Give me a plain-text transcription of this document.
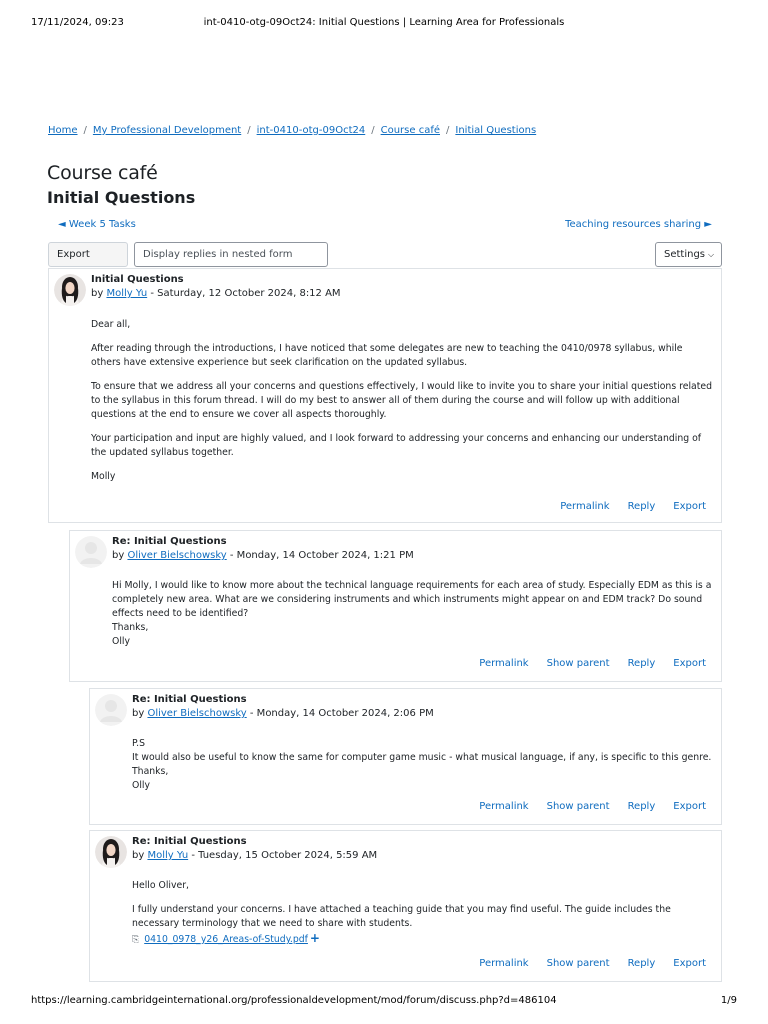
17/11/2024, 09:23	int-0410-otg-09Oct24: Initial Questions | Learning Area for Professionals
Home / My Professional Development / int-0410-otg-09Oct24 / Course café / Initial Questions
Course café
Initial Questions
◄ Week 5 Tasks	Teaching resources sharing ►
Export	Display replies in nested form	Settings ⌵
Initial Questions
by Molly Yu - Saturday, 12 October 2024, 8:12 AM

Dear all,

After reading through the introductions, I have noticed that some delegates are new to teaching the 0410/0978 syllabus, while others have extensive experience but seek clarification on the updated syllabus.

To ensure that we address all your concerns and questions effectively, I would like to invite you to share your initial questions related to the syllabus in this forum thread. I will do my best to answer all of them during the course and will follow up with additional questions at the end to ensure we cover all aspects thoroughly.

Your participation and input are highly valued, and I look forward to addressing your concerns and enhancing our understanding of the updated syllabus together.

Molly

Permalink Reply Export
Re: Initial Questions
by Oliver Bielschowsky - Monday, 14 October 2024, 1:21 PM
Hi Molly, I would like to know more about the technical language requirements for each area of study. Especially EDM as this is a completely new area. What are we considering instruments and which instruments might appear on and EDM track? Do sound effects need to be identified?
Thanks,
Olly
Permalink Show parent Reply Export
Re: Initial Questions
by Oliver Bielschowsky - Monday, 14 October 2024, 2:06 PM
P.S
It would also be useful to know the same for computer game music - what musical language, if any, is specific to this genre.
Thanks,
Olly
Permalink Show parent Reply Export
Re: Initial Questions
by Molly Yu - Tuesday, 15 October 2024, 5:59 AM

Hello Oliver,

I fully understand your concerns. I have attached a teaching guide that you may find useful. The guide includes the necessary terminology that we need to share with students.

⎘ 0410_0978_y26_Areas-of-Study.pdf +
Permalink Show parent Reply Export
https://learning.cambridgeinternational.org/professionaldevelopment/mod/forum/discuss.php?d=486104	1/9
